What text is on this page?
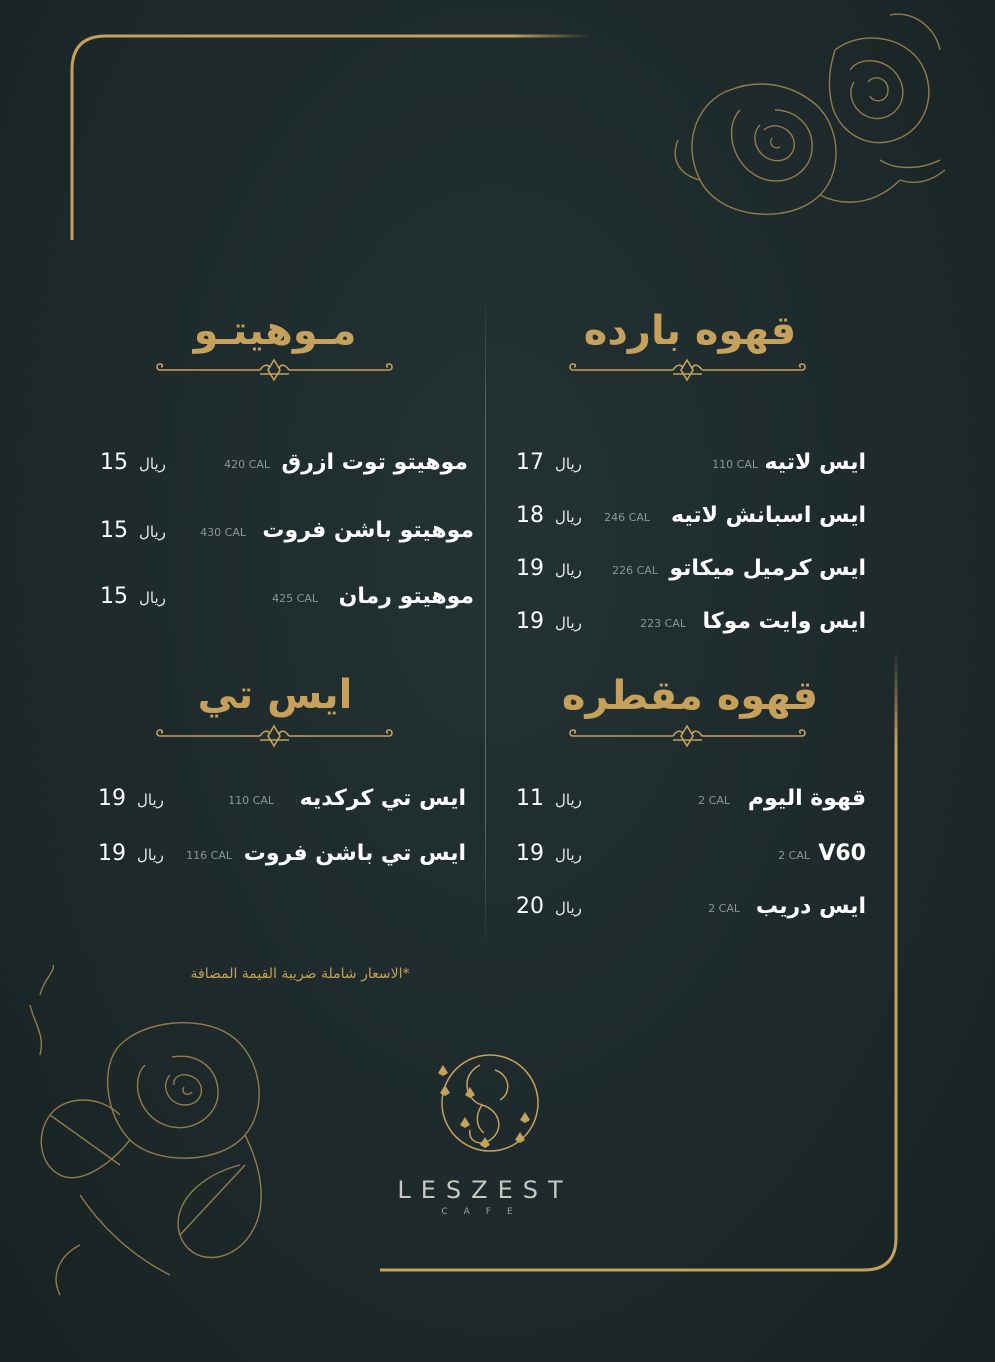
قهوه بارده
17 ريال	110 CAL ايس لاتيه
18 ريال 246 CAL ايس اسبانش لاتيه
19 ريال	226 CAL ايس كرميل ميكاتو
19 ريال	223 CAL ايس وايت موكا
قهوه مقطره
11 ريال	2 CAL قهوة اليوم
19 ريال	2 CAL V60
20 ريال	2 CAL ايس دريب
مـوهيتـو
15 ريال	420 CAL موهيتو توت ازرق
15 ريال	430 CAL موهيتو باشن فروت
15 ريال	425 CAL موهيتو رمان
ايس تي
19 ريال	110 CAL ايس تي كركديه
19 ريال 116 CAL ايس تي باشن فروت
*الاسعار شاملة ضريبة القيمة المضافة
LESZEST
CAFE
